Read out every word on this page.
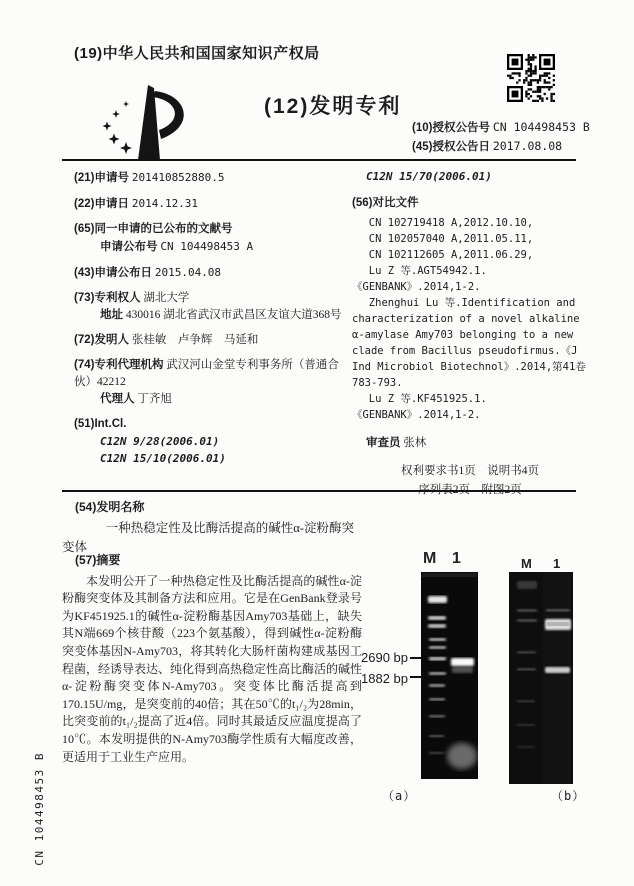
(19)中华人民共和国国家知识产权局
(12)发明专利
(10)授权公告号 CN 104498453 B
(45)授权公告日 2017.08.08
(21)申请号 201410852880.5
(22)申请日 2014.12.31
(65)同一申请的已公布的文献号
申请公布号 CN 104498453 A
(43)申请公布日 2015.04.08
(73)专利权人 湖北大学
地址 430016 湖北省武汉市武昌区友谊大道368号
(72)发明人 张桂敏　卢争辉　马延和
(74)专利代理机构 武汉河山金堂专利事务所（普通合伙）42212
代理人 丁齐旭
(51)Int.Cl.
C12N 9/28(2006.01)
C12N 15/10(2006.01)
C12N 15/70(2006.01)
(56)对比文件
CN 102719418 A,2012.10.10,
CN 102057040 A,2011.05.11,
CN 102112605 A,2011.06.29,
Lu Z 等.AGT54942.1.《GENBANK》.2014,1-2.
Zhenghui Lu 等.Identification and characterization of a novel alkaline α-amylase Amy703 belonging to a new clade from Bacillus pseudofirmus.《J Ind Microbiol Biotechnol》.2014,第41卷783-793.
Lu Z 等.KF451925.1.《GENBANK》.2014,1-2.
审查员 张林
权利要求书1页　说明书4页
(54)发明名称

一种热稳定性及比酶活提高的碱性α-淀粉酶突变体

(57)摘要

本发明公开了一种热稳定性及比酶活提高的碱性α-淀粉酶突变体及其制备方法和应用。它是在GenBank登录号为KF451925.1的碱性α-淀粉酶基因Amy703基础上，缺失其N端669个核苷酸（223个氨基酸），得到碱性α-淀粉酶突变体基因N-Amy703，将其转化大肠杆菌构建成基因工程菌，经诱导表达、纯化得到高热稳定性高比酶活的碱性α-淀粉酶突变体N-Amy703。突变体比酶活提高到170.15U/mg，是突变前的40倍；其在50℃的t₁/₂为28min，比突变前的t₁/₂提高了近4倍。同时其最适反应温度提高了10℃。本发明提供的N-Amy703酶学性质有大幅度改善，更适用于工业生产应用。

M 1
2690 bp
1882 bp
（a）
M 1
（b）
CN 104498453 B
